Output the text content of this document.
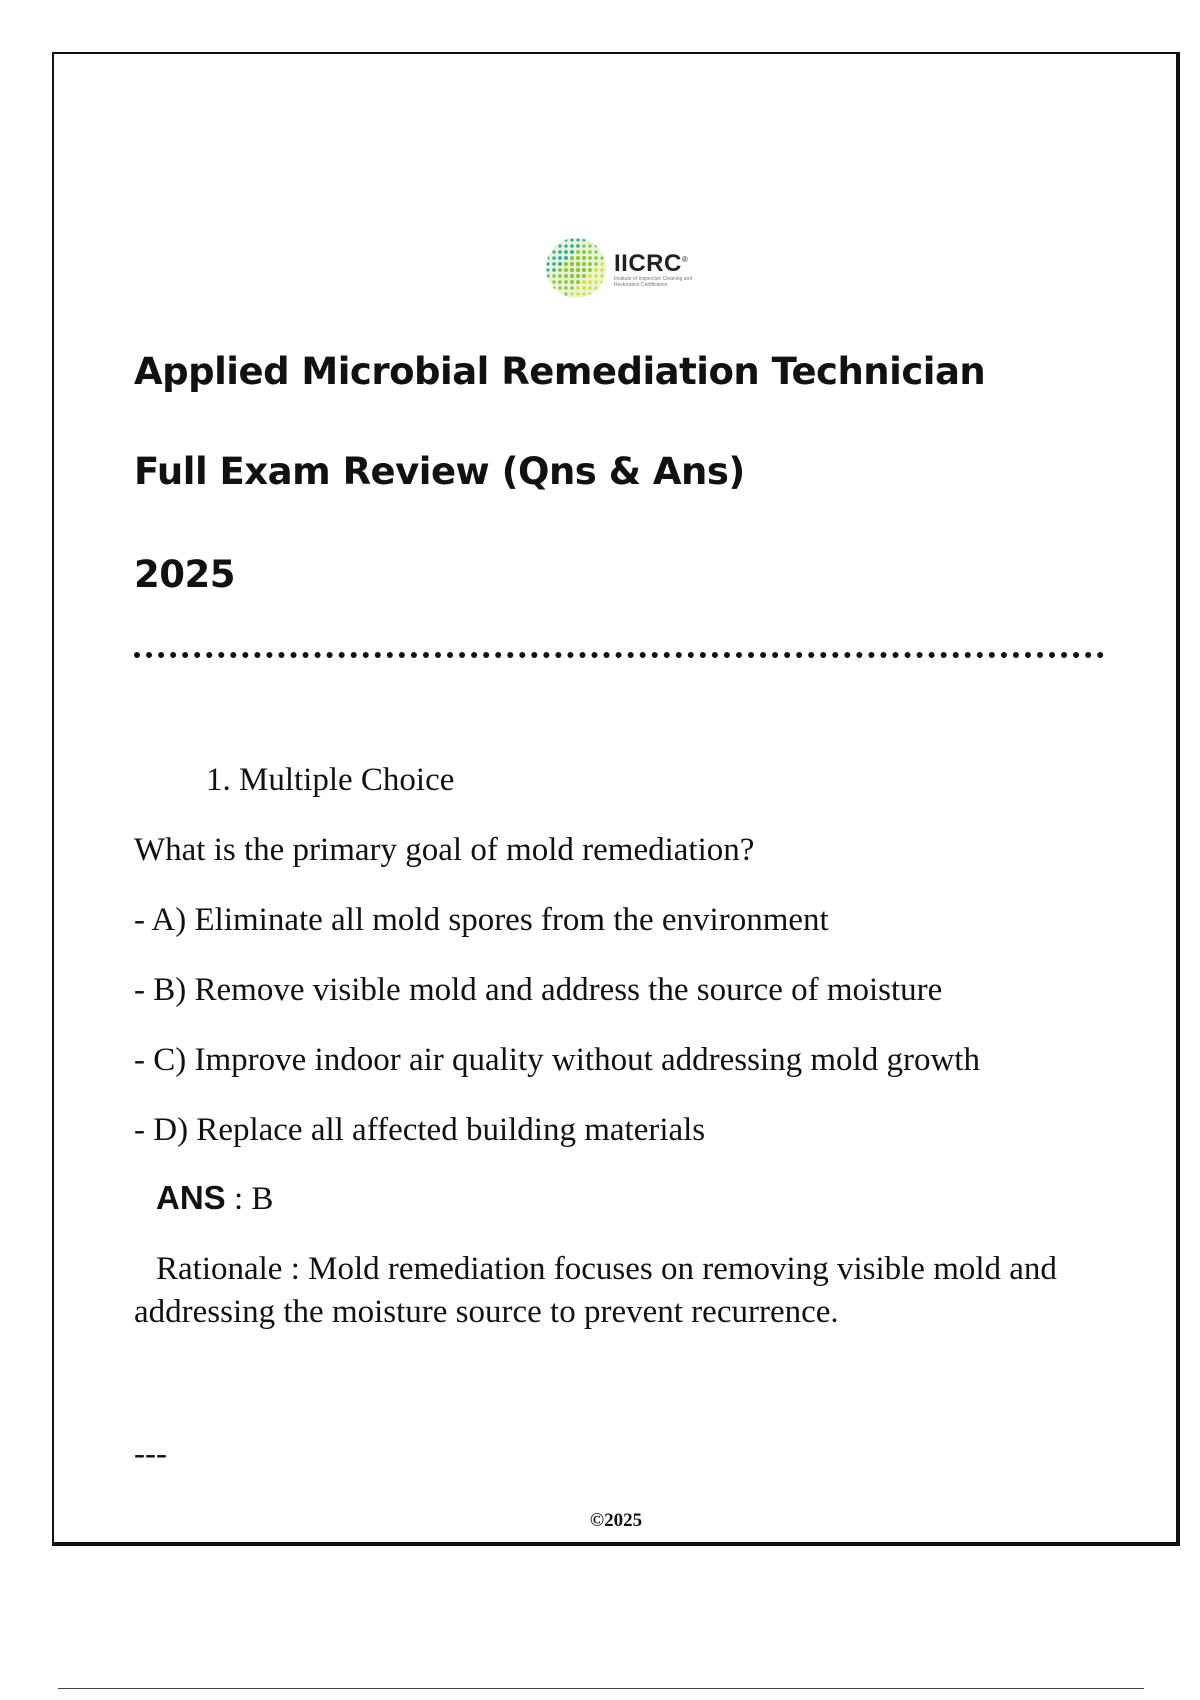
IICRC®
Institute of Inspection Cleaning and Restoration Certification
Applied Microbial Remediation Technician
Full Exam Review (Qns & Ans)
2025
1. Multiple Choice
What is the primary goal of mold remediation?
- A) Eliminate all mold spores from the environment
- B) Remove visible mold and address the source of moisture
- C) Improve indoor air quality without addressing mold growth
- D) Replace all affected building materials
ANS : B
Rationale : Mold remediation focuses on removing visible mold and addressing the moisture source to prevent recurrence.
---
©2025
